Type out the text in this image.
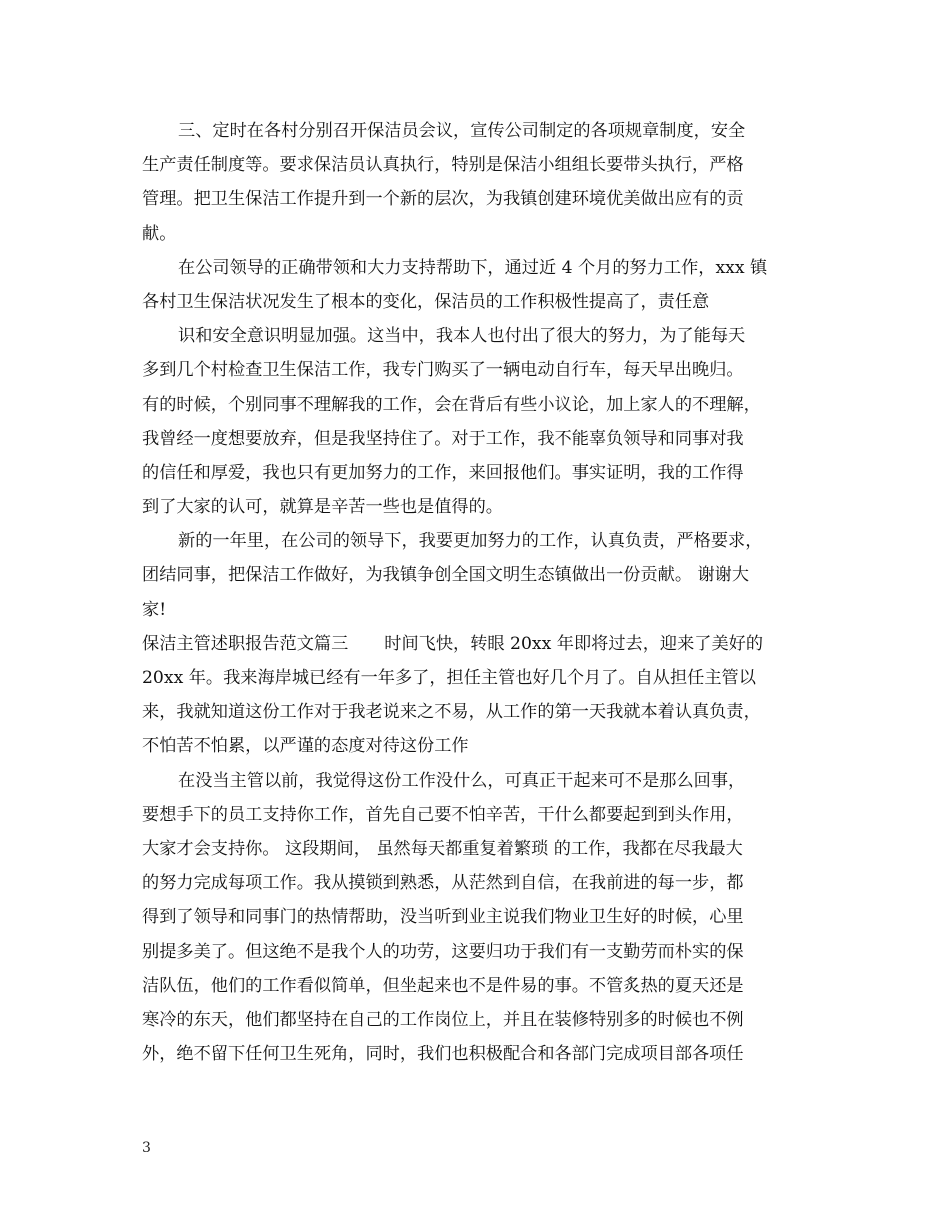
三、定时在各村分别召开保洁员会议，宣传公司制定的各项规章制度，安全
生产责任制度等。要求保洁员认真执行，特别是保洁小组组长要带头执行，严格
管理。把卫生保洁工作提升到一个新的层次，为我镇创建环境优美做出应有的贡
献。
在公司领导的正确带领和大力支持帮助下，通过近 4 个月的努力工作，xxx 镇
各村卫生保洁状况发生了根本的变化，保洁员的工作积极性提高了，责任意
识和安全意识明显加强。这当中，我本人也付出了很大的努力，为了能每天
多到几个村检查卫生保洁工作，我专门购买了一辆电动自行车，每天早出晚归。
有的时候，个别同事不理解我的工作，会在背后有些小议论，加上家人的不理解，
我曾经一度想要放弃，但是我坚持住了。对于工作，我不能辜负领导和同事对我
的信任和厚爱，我也只有更加努力的工作，来回报他们。事实证明，我的工作得
到了大家的认可，就算是辛苦一些也是值得的。
新的一年里，在公司的领导下，我要更加努力的工作，认真负责，严格要求，
团结同事，把保洁工作做好，为我镇争创全国文明生态镇做出一份贡献。 谢谢大
家!
保洁主管述职报告范文篇三 时间飞快，转眼 20xx 年即将过去，迎来了美好的
20xx 年。我来海岸城已经有一年多了，担任主管也好几个月了。自从担任主管以
来，我就知道这份工作对于我老说来之不易，从工作的第一天我就本着认真负责，
不怕苦不怕累，以严谨的态度对待这份工作
在没当主管以前，我觉得这份工作没什么，可真正干起来可不是那么回事，
要想手下的员工支持你工作，首先自己要不怕辛苦，干什么都要起到到头作用，
大家才会支持你。 这段期间， 虽然每天都重复着繁琐 的工作，我都在尽我最大
的努力完成每项工作。我从摸锁到熟悉，从茫然到自信，在我前进的每一步，都
得到了领导和同事门的热情帮助，没当听到业主说我们物业卫生好的时候，心里
别提多美了。但这绝不是我个人的功劳，这要归功于我们有一支勤劳而朴实的保
洁队伍，他们的工作看似简单，但坐起来也不是件易的事。不管炙热的夏天还是
寒冷的东天，他们都坚持在自己的工作岗位上，并且在装修特别多的时候也不例
外，绝不留下任何卫生死角，同时，我们也积极配合和各部门完成项目部各项任
3
